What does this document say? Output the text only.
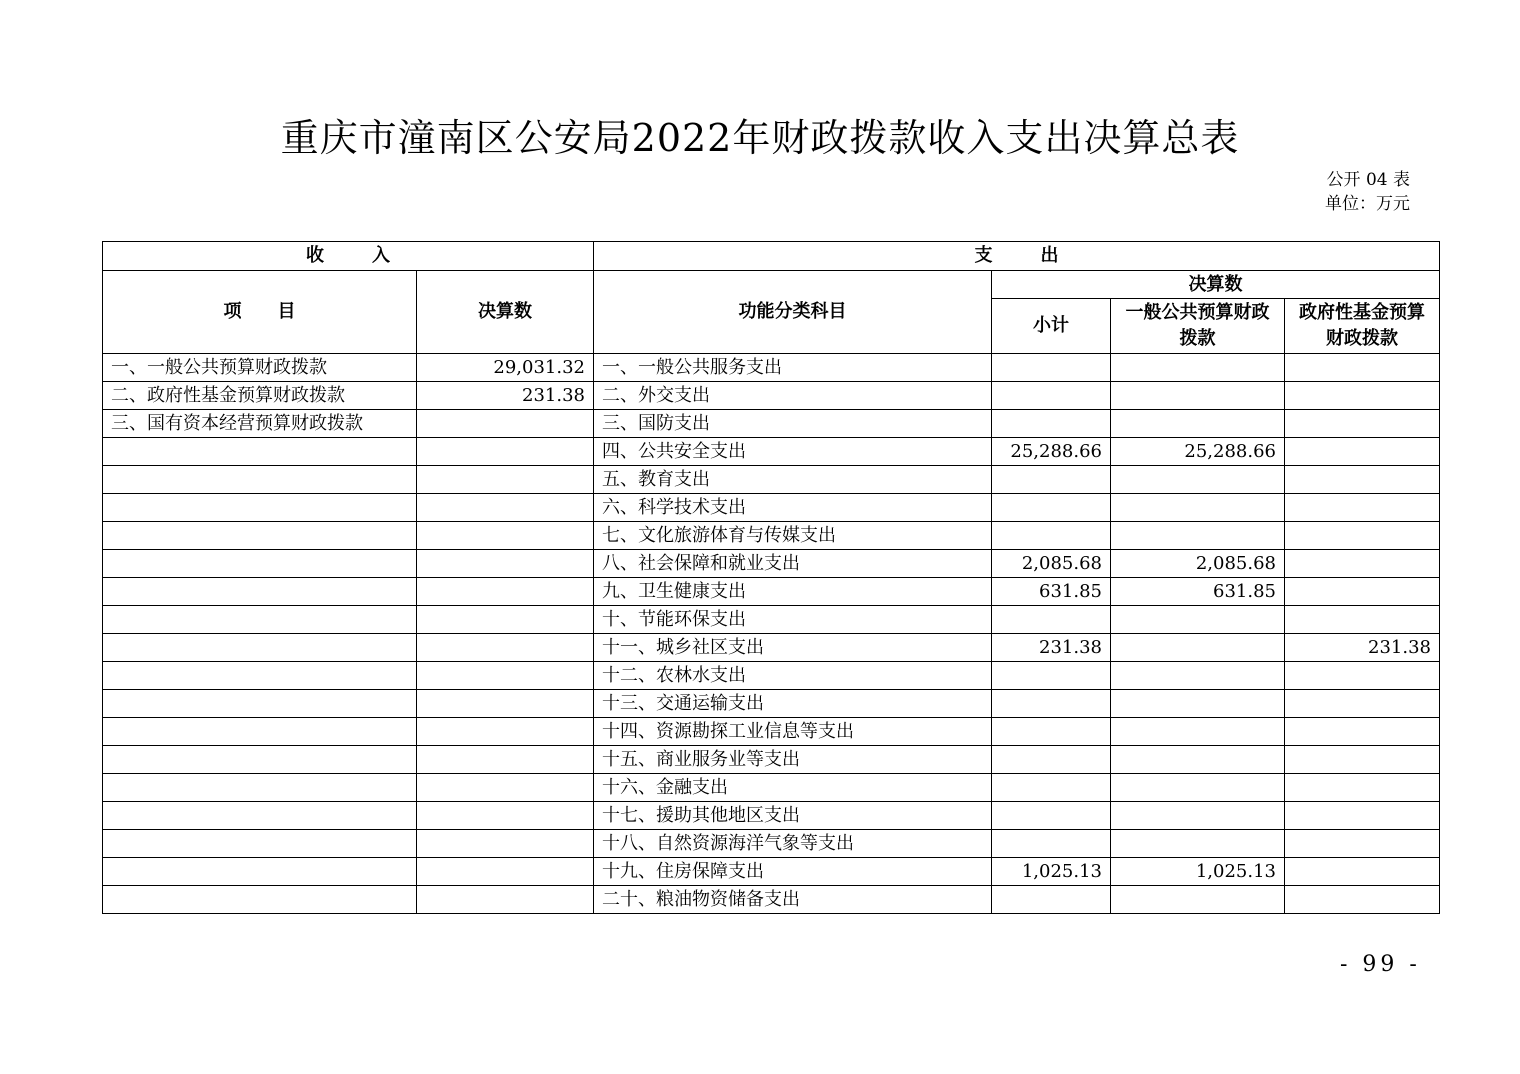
重庆市潼南区公安局2022年财政拨款收入支出决算总表
公开 04 表
单位：万元
收入		支出			
项目	决算数	功能分类科目	决算数		
			小计	一般公共预算财政拨款	政府性基金预算财政拨款
一、一般公共预算财政拨款	29,031.32	一、一般公共服务支出			
二、政府性基金预算财政拨款	231.38	二、外交支出			
三、国有资本经营预算财政拨款		三、国防支出			
		四、公共安全支出	25,288.66	25,288.66	
		五、教育支出			
		六、科学技术支出			
		七、文化旅游体育与传媒支出			
		八、社会保障和就业支出	2,085.68	2,085.68	
		九、卫生健康支出	631.85	631.85	
		十、节能环保支出			
		十一、城乡社区支出	231.38		231.38
		十二、农林水支出			
		十三、交通运输支出			
		十四、资源勘探工业信息等支出			
		十五、商业服务业等支出			
		十六、金融支出			
		十七、援助其他地区支出			
		十八、自然资源海洋气象等支出			
		十九、住房保障支出	1,025.13	1,025.13	
		二十、粮油物资储备支出			
- 99 -
